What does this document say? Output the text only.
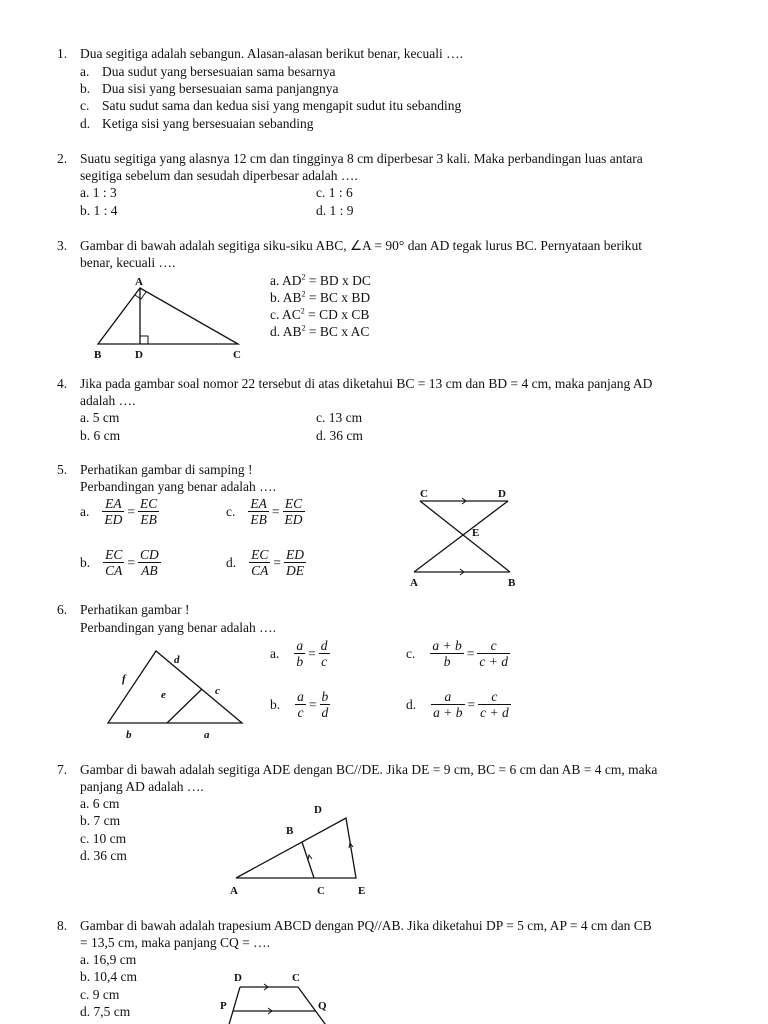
1. Dua segitiga adalah sebangun. Alasan-alasan berikut benar, kecuali ….
a. Dua sudut yang bersesuaian sama besarnya
b. Dua sisi yang bersesuaian sama panjangnya
c. Satu sudut sama dan kedua sisi yang mengapit sudut itu sebanding
d. Ketiga sisi yang bersesuaian sebanding
2. Suatu segitiga yang alasnya 12 cm dan tingginya 8 cm diperbesar 3 kali. Maka perbandingan luas antara
segitiga sebelum dan sesudah diperbesar adalah ….
a. 1 : 3
b. 1 : 4
c. 1 : 6
d. 1 : 9
3. Gambar di bawah adalah segitiga siku-siku ABC, ∠A = 90° dan AD tegak lurus BC. Pernyataan berikut
benar, kecuali ….
a. $AD^2$ = BD x DC
b. $AB^2$ = BC x BD
c. $AC^2$ = CD x CB
d. $AB^2$ = BC x AC
A
B	D	C
4. Jika pada gambar soal nomor 22 tersebut di atas diketahui BC = 13 cm dan BD = 4 cm, maka panjang AD
adalah ….
a. 5 cm
b. 6 cm
c. 13 cm
d. 36 cm
5. Perhatikan gambar di samping !
Perbandingan yang benar adalah ….
a. $\frac{EA}{ED} = \frac{EC}{EB}$	c. $\frac{EA}{EB} = \frac{EC}{ED}$
b. $\frac{EC}{CA} = \frac{CD}{AB}$	d. $\frac{EC}{CA} = \frac{ED}{DE}$
C	D
E
A	B
6. Perhatikan gambar !
Perbandingan yang benar adalah ….
d
f
e	c
b	a
a. $\frac{a}{b} = \frac{d}{c}$	c. $\frac{a + b}{b} = \frac{c}{c + d}$
b. $\frac{a}{c} = \frac{b}{d}$	d. $\frac{a}{a + b} = \frac{c}{c + d}$
7. Gambar di bawah adalah segitiga ADE dengan BC//DE. Jika DE = 9 cm, BC = 6 cm dan AB = 4 cm, maka
panjang AD adalah ….
a. 6 cm
b. 7 cm
c. 10 cm
d. 36 cm
D
B
A	C	E
8. Gambar di bawah adalah trapesium ABCD dengan PQ//AB. Jika diketahui DP = 5 cm, AP = 4 cm dan CB
= 13,5 cm, maka panjang CQ = ….
a. 16,9 cm
b. 10,4 cm
c. 9 cm
d. 7,5 cm
D	C
P	Q
